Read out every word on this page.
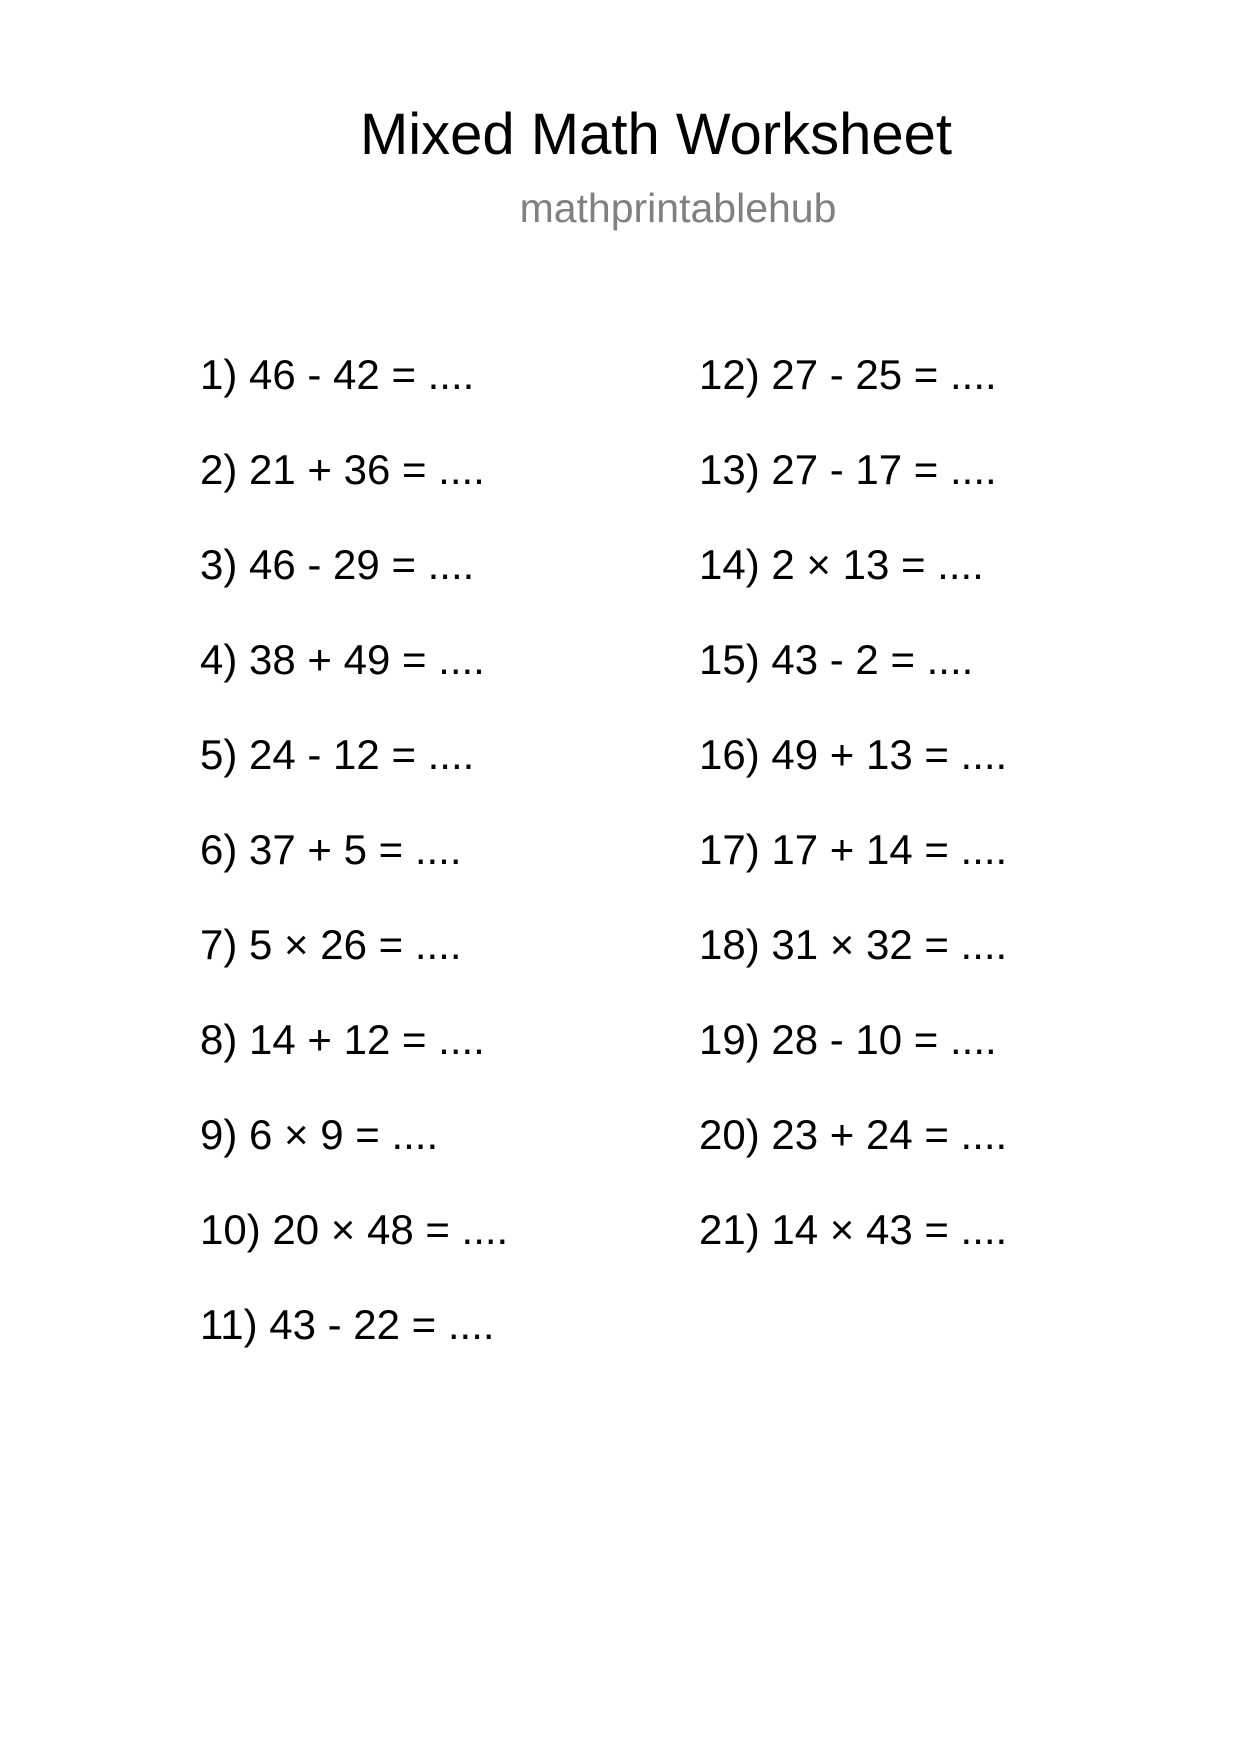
Mixed Math Worksheet
mathprintablehub
1) 46 - 42 = ....
2) 21 + 36 = ....
3) 46 - 29 = ....
4) 38 + 49 = ....
5) 24 - 12 = ....
6) 37 + 5 = ....
7) 5 × 26 = ....
8) 14 + 12 = ....
9) 6 × 9 = ....
10) 20 × 48 = ....
11) 43 - 22 = ....
12) 27 - 25 = ....
13) 27 - 17 = ....
14) 2 × 13 = ....
15) 43 - 2 = ....
16) 49 + 13 = ....
17) 17 + 14 = ....
18) 31 × 32 = ....
19) 28 - 10 = ....
20) 23 + 24 = ....
21) 14 × 43 = ....
